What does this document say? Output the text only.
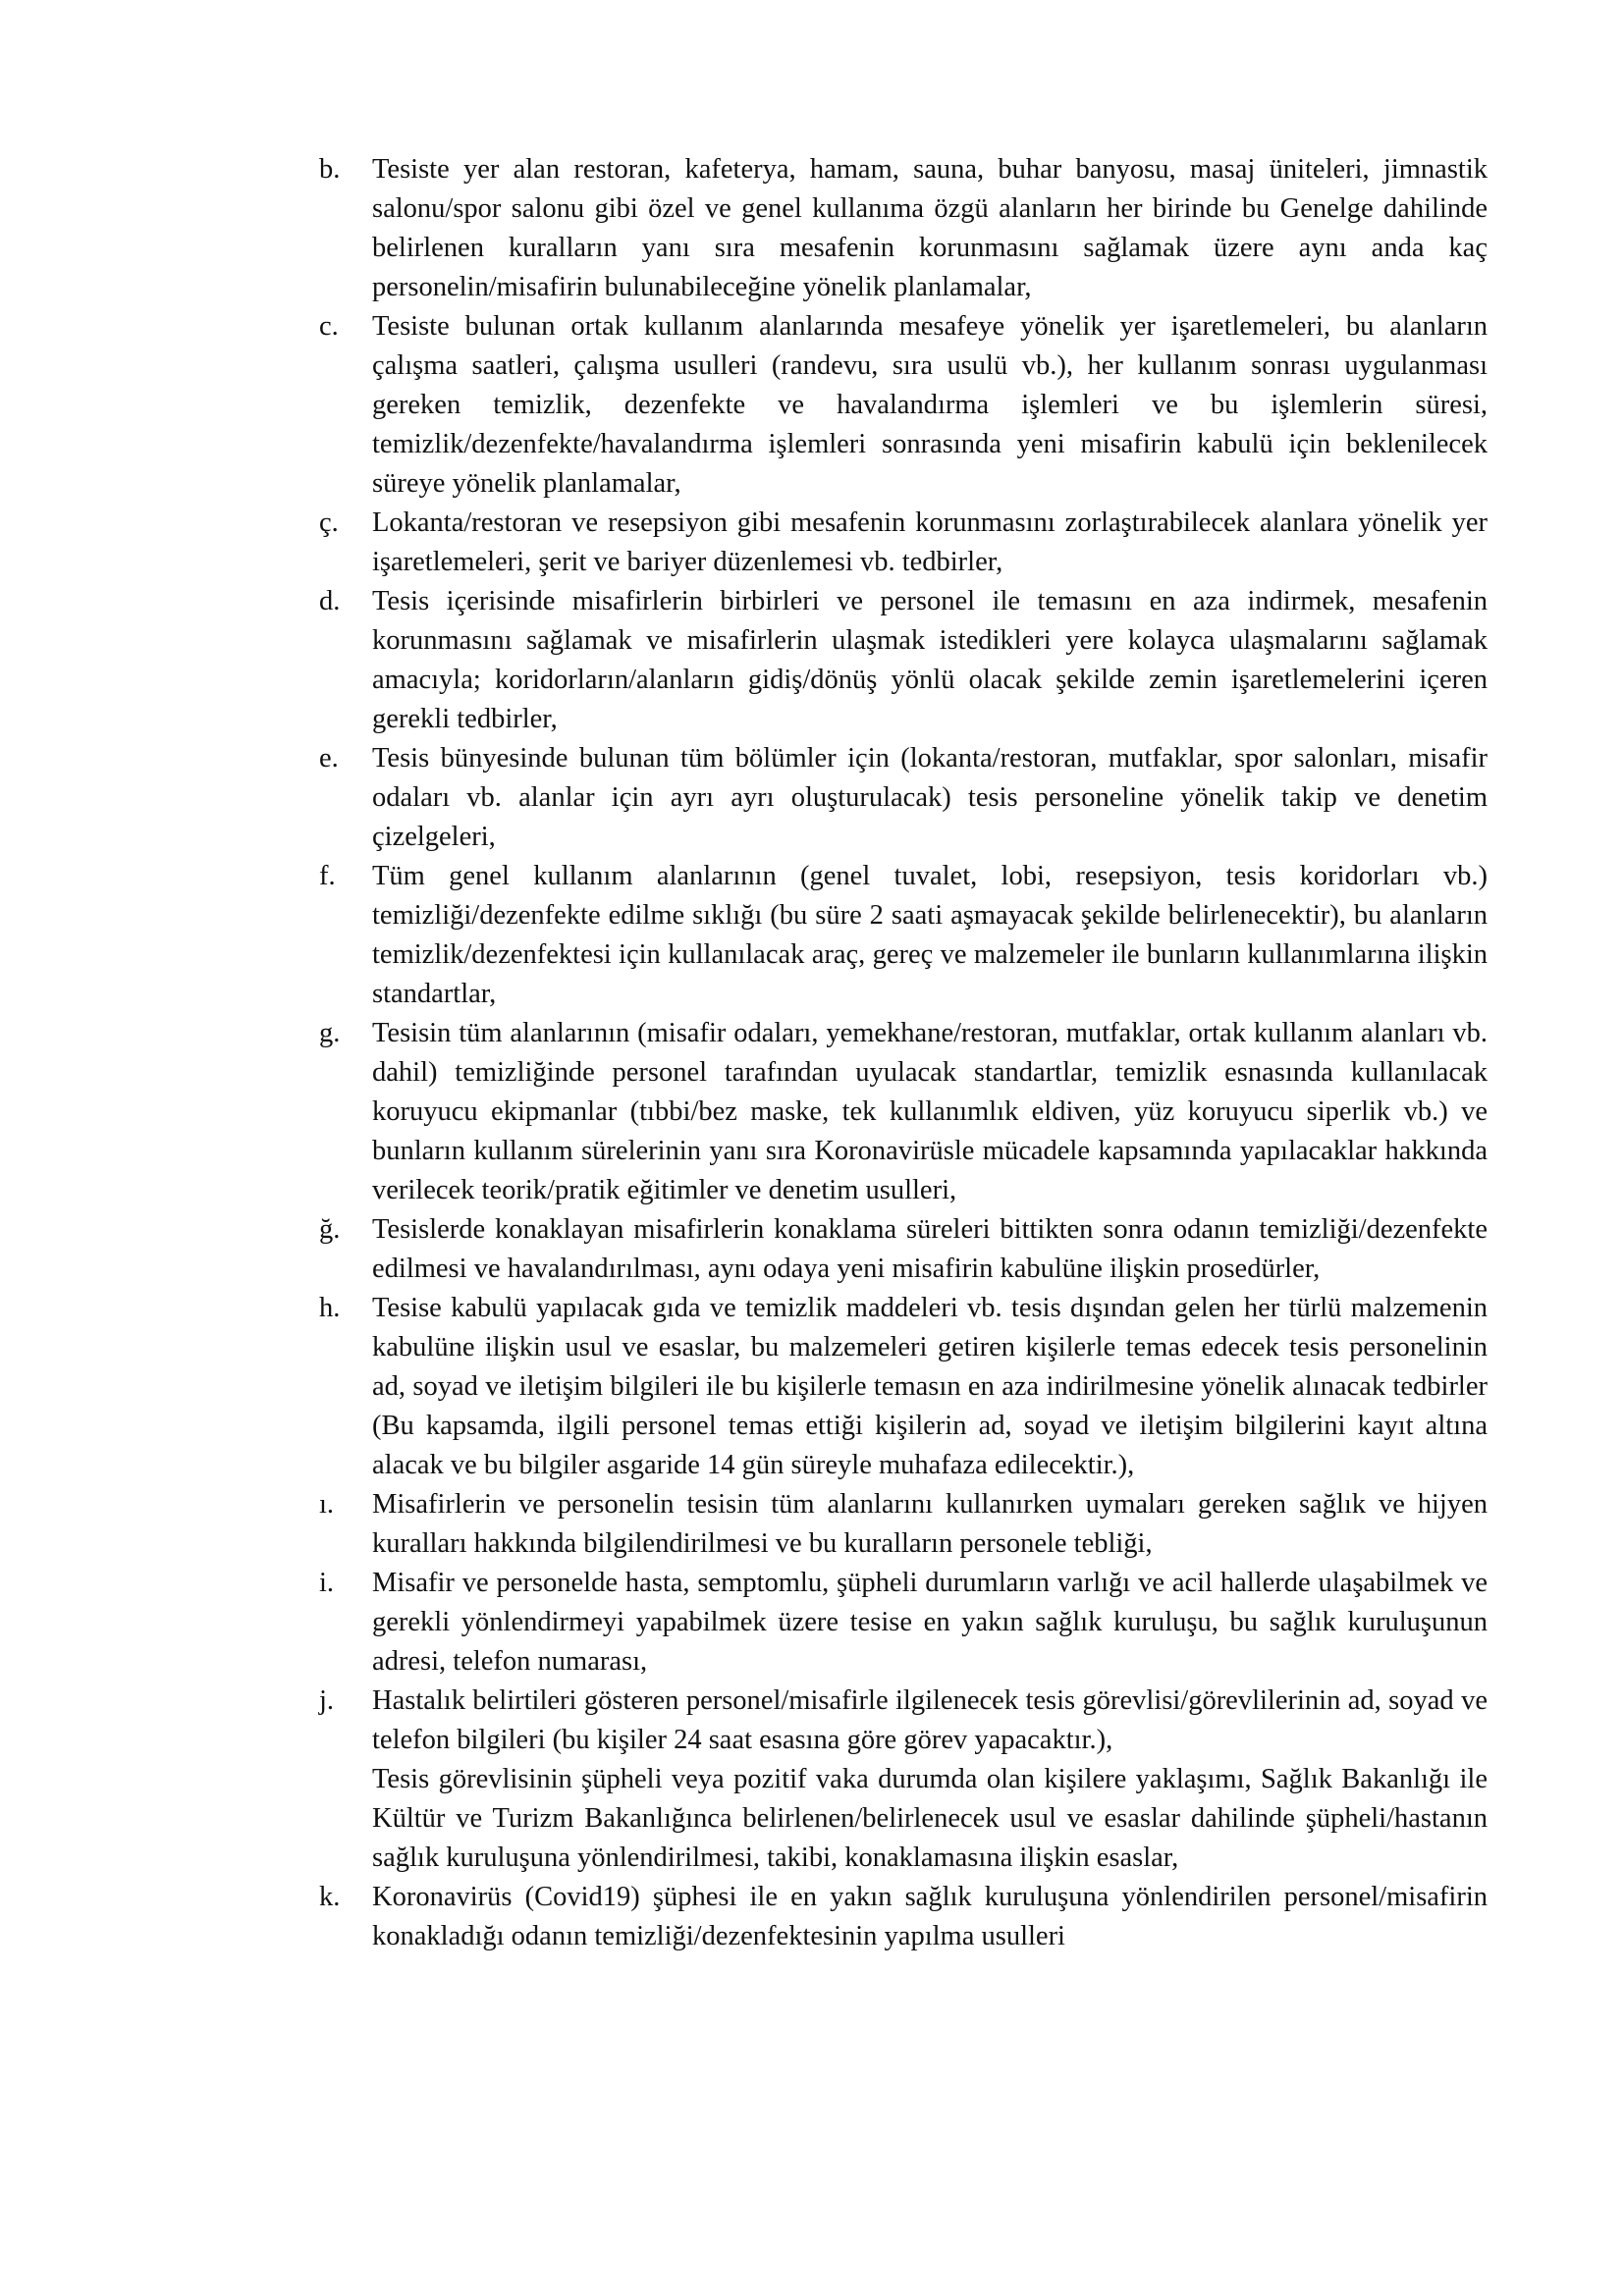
b.	Tesiste yer alan restoran, kafeterya, hamam, sauna, buhar banyosu, masaj üniteleri, jimnastik salonu/spor salonu gibi özel ve genel kullanıma özgü alanların her birinde bu Genelge dahilinde belirlenen kuralların yanı sıra mesafenin korunmasını sağlamak üzere aynı anda kaç personelin/misafirin bulunabileceğine yönelik planlamalar,
c.	Tesiste bulunan ortak kullanım alanlarında mesafeye yönelik yer işaretlemeleri, bu alanların çalışma saatleri, çalışma usulleri (randevu, sıra usulü vb.), her kullanım sonrası uygulanması gereken temizlik, dezenfekte ve havalandırma işlemleri ve bu işlemlerin süresi, temizlik/dezenfekte/havalandırma işlemleri sonrasında yeni misafirin kabulü için beklenilecek süreye yönelik planlamalar,
ç.	Lokanta/restoran ve resepsiyon gibi mesafenin korunmasını zorlaştırabilecek alanlara yönelik yer işaretlemeleri, şerit ve bariyer düzenlemesi vb. tedbirler,
d.	Tesis içerisinde misafirlerin birbirleri ve personel ile temasını en aza indirmek, mesafenin korunmasını sağlamak ve misafirlerin ulaşmak istedikleri yere kolayca ulaşmalarını sağlamak amacıyla; koridorların/alanların gidiş/dönüş yönlü olacak şekilde zemin işaretlemelerini içeren gerekli tedbirler,
e.	Tesis bünyesinde bulunan tüm bölümler için (lokanta/restoran, mutfaklar, spor salonları, misafir odaları vb. alanlar için ayrı ayrı oluşturulacak) tesis personeline yönelik takip ve denetim çizelgeleri,
f.	Tüm genel kullanım alanlarının (genel tuvalet, lobi, resepsiyon, tesis koridorları vb.) temizliği/dezenfekte edilme sıklığı (bu süre 2 saati aşmayacak şekilde belirlenecektir), bu alanların temizlik/dezenfektesi için kullanılacak araç, gereç ve malzemeler ile bunların kullanımlarına ilişkin standartlar,
g.	Tesisin tüm alanlarının (misafir odaları, yemekhane/restoran, mutfaklar, ortak kullanım alanları vb. dahil) temizliğinde personel tarafından uyulacak standartlar, temizlik esnasında kullanılacak koruyucu ekipmanlar (tıbbi/bez maske, tek kullanımlık eldiven, yüz koruyucu siperlik vb.) ve bunların kullanım sürelerinin yanı sıra Koronavirüsle mücadele kapsamında yapılacaklar hakkında verilecek teorik/pratik eğitimler ve denetim usulleri,
ğ.	Tesislerde konaklayan misafirlerin konaklama süreleri bittikten sonra odanın temizliği/dezenfekte edilmesi ve havalandırılması, aynı odaya yeni misafirin kabulüne ilişkin prosedürler,
h.	Tesise kabulü yapılacak gıda ve temizlik maddeleri vb. tesis dışından gelen her türlü malzemenin kabulüne ilişkin usul ve esaslar, bu malzemeleri getiren kişilerle temas edecek tesis personelinin ad, soyad ve iletişim bilgileri ile bu kişilerle temasın en aza indirilmesine yönelik alınacak tedbirler (Bu kapsamda, ilgili personel temas ettiği kişilerin ad, soyad ve iletişim bilgilerini kayıt altına alacak ve bu bilgiler asgaride 14 gün süreyle muhafaza edilecektir.),
ı.	Misafirlerin ve personelin tesisin tüm alanlarını kullanırken uymaları gereken sağlık ve hijyen kuralları hakkında bilgilendirilmesi ve bu kuralların personele tebliği,
i.	Misafir ve personelde hasta, semptomlu, şüpheli durumların varlığı ve acil hallerde ulaşabilmek ve gerekli yönlendirmeyi yapabilmek üzere tesise en yakın sağlık kuruluşu, bu sağlık kuruluşunun adresi, telefon numarası,
j.	Hastalık belirtileri gösteren personel/misafirle ilgilenecek tesis görevlisi/görevlilerinin ad, soyad ve telefon bilgileri (bu kişiler 24 saat esasına göre görev yapacaktır.),
Tesis görevlisinin şüpheli veya pozitif vaka durumda olan kişilere yaklaşımı, Sağlık Bakanlığı ile Kültür ve Turizm Bakanlığınca belirlenen/belirlenecek usul ve esaslar dahilinde şüpheli/hastanın sağlık kuruluşuna yönlendirilmesi, takibi, konaklamasına ilişkin esaslar,
k.	Koronavirüs (Covid19) şüphesi ile en yakın sağlık kuruluşuna yönlendirilen personel/misafirin konakladığı odanın temizliği/dezenfektesinin yapılma usulleri
